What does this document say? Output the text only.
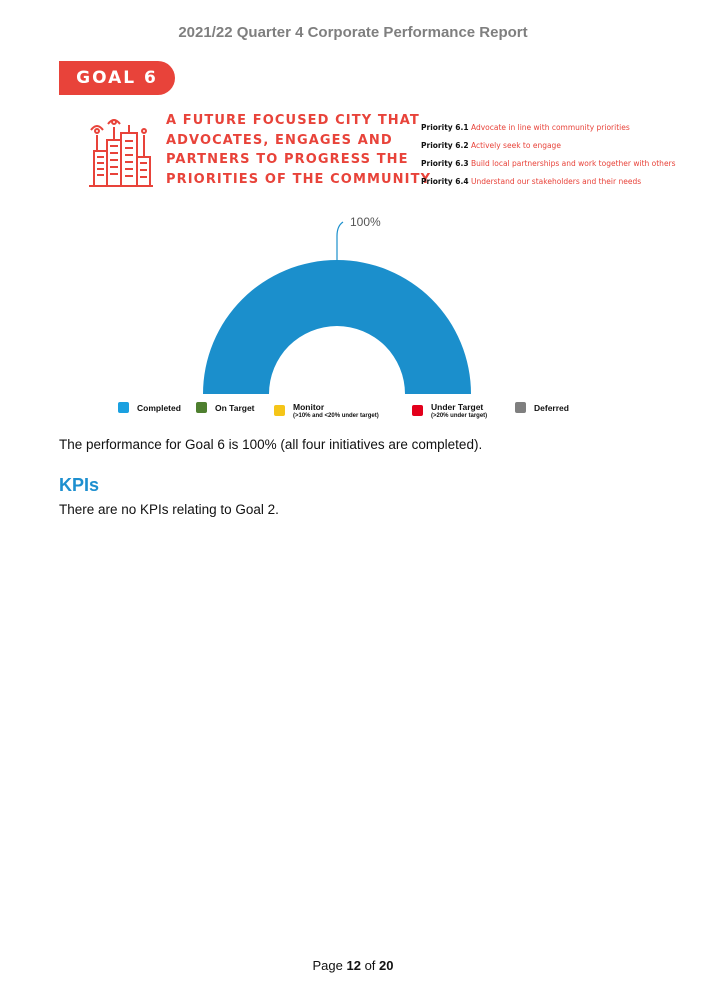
2021/22 Quarter 4 Corporate Performance Report
GOAL 6
A FUTURE FOCUSED CITY THAT
ADVOCATES, ENGAGES AND
PARTNERS TO PROGRESS THE
PRIORITIES OF THE COMMUNITY
Priority 6.1 Advocate in line with community priorities
Priority 6.2 Actively seek to engage
Priority 6.3 Build local partnerships and work together with others
Priority 6.4 Understand our stakeholders and their needs
100%
Completed	On Target	Monitor
(>10% and <20% under target)
Under Target
(>20% under target)
Deferred
The performance for Goal 6 is 100% (all four initiatives are completed).
KPIs
There are no KPIs relating to Goal 2.
Page 12 of 20
